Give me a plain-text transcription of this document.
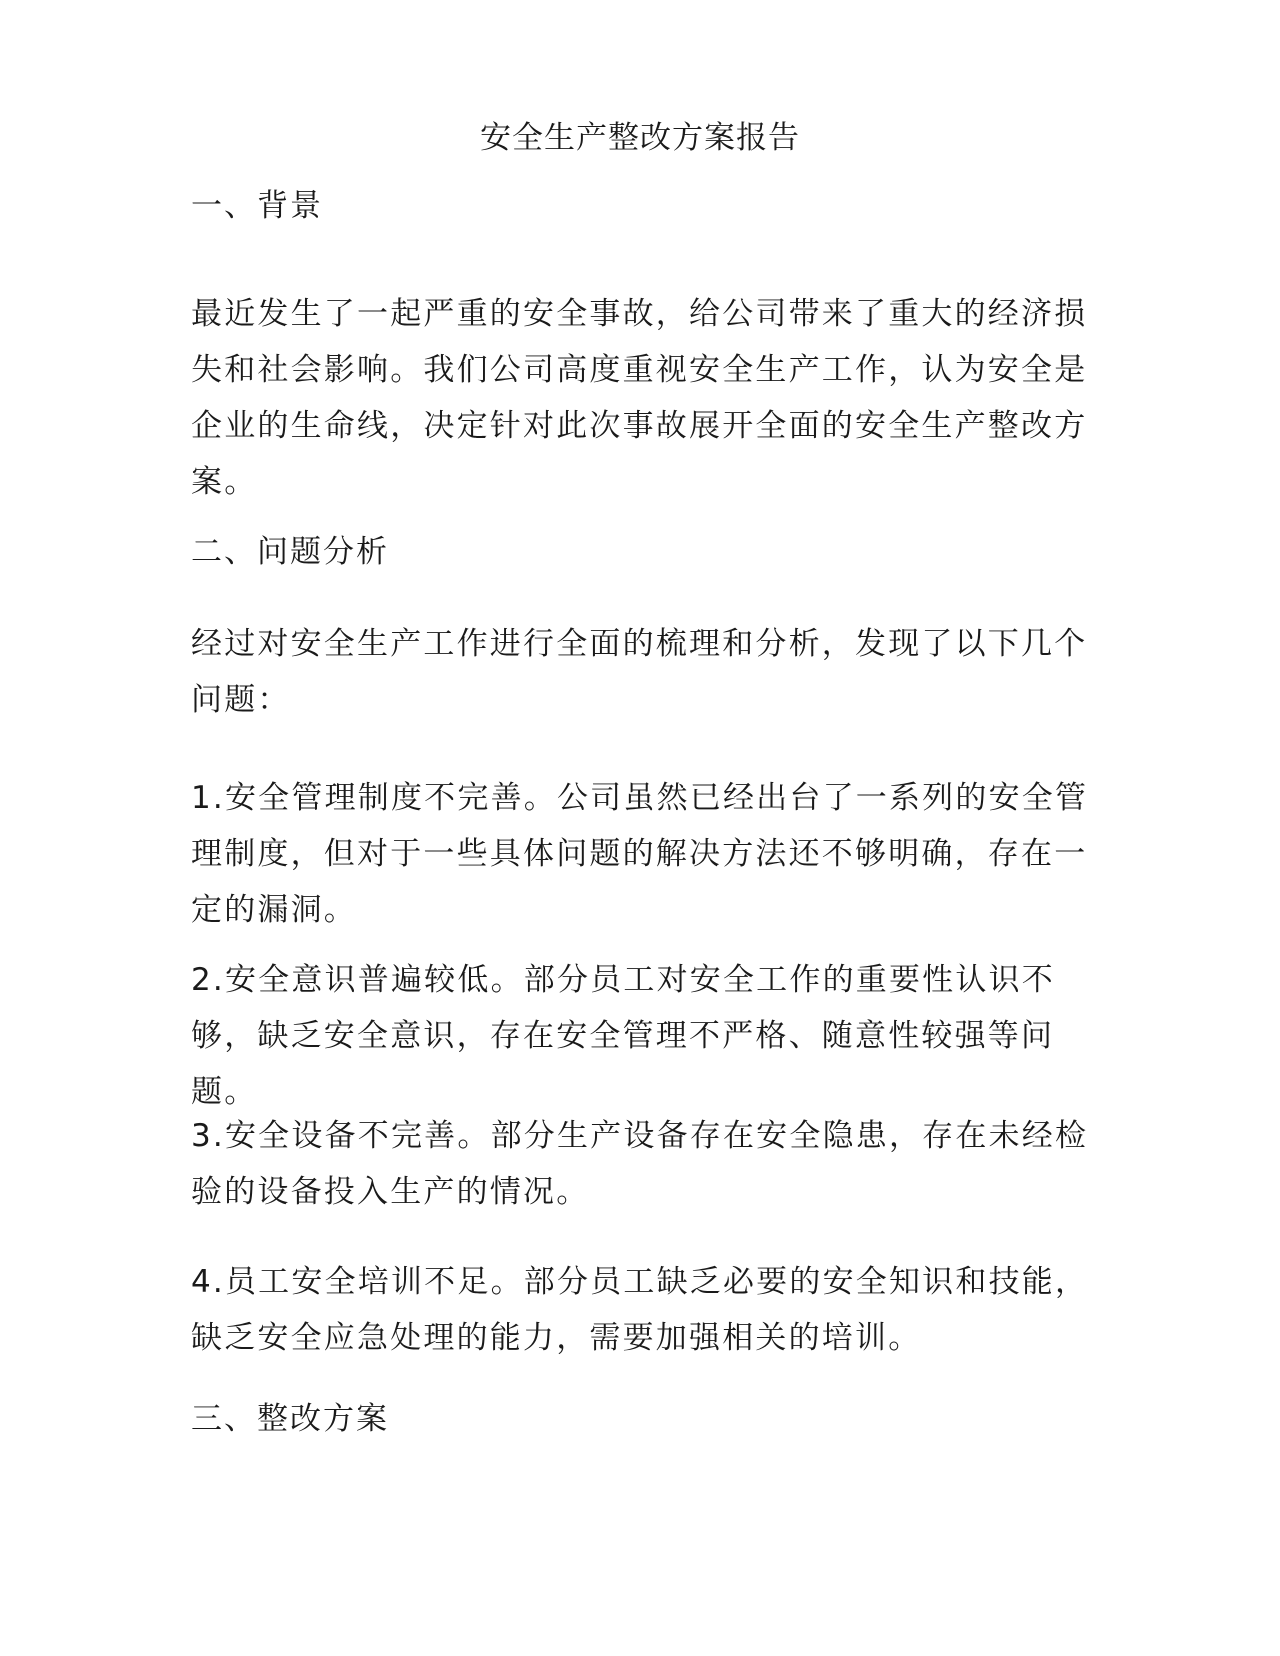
安全生产整改方案报告
一、背景

最近发生了一起严重的安全事故，给公司带来了重大的经济损失和社会影响。我们公司高度重视安全生产工作，认为安全是企业的生命线，决定针对此次事故展开全面的安全生产整改方案。

二、问题分析

经过对安全生产工作进行全面的梳理和分析，发现了以下几个问题：

1.安全管理制度不完善。公司虽然已经出台了一系列的安全管理制度，但对于一些具体问题的解决方法还不够明确，存在一定的漏洞。

2.安全意识普遍较低。部分员工对安全工作的重要性认识不够，缺乏安全意识，存在安全管理不严格、随意性较强等问题。

3.安全设备不完善。部分生产设备存在安全隐患，存在未经检验的设备投入生产的情况。

4.员工安全培训不足。部分员工缺乏必要的安全知识和技能，缺乏安全应急处理的能力，需要加强相关的培训。

三、整改方案
